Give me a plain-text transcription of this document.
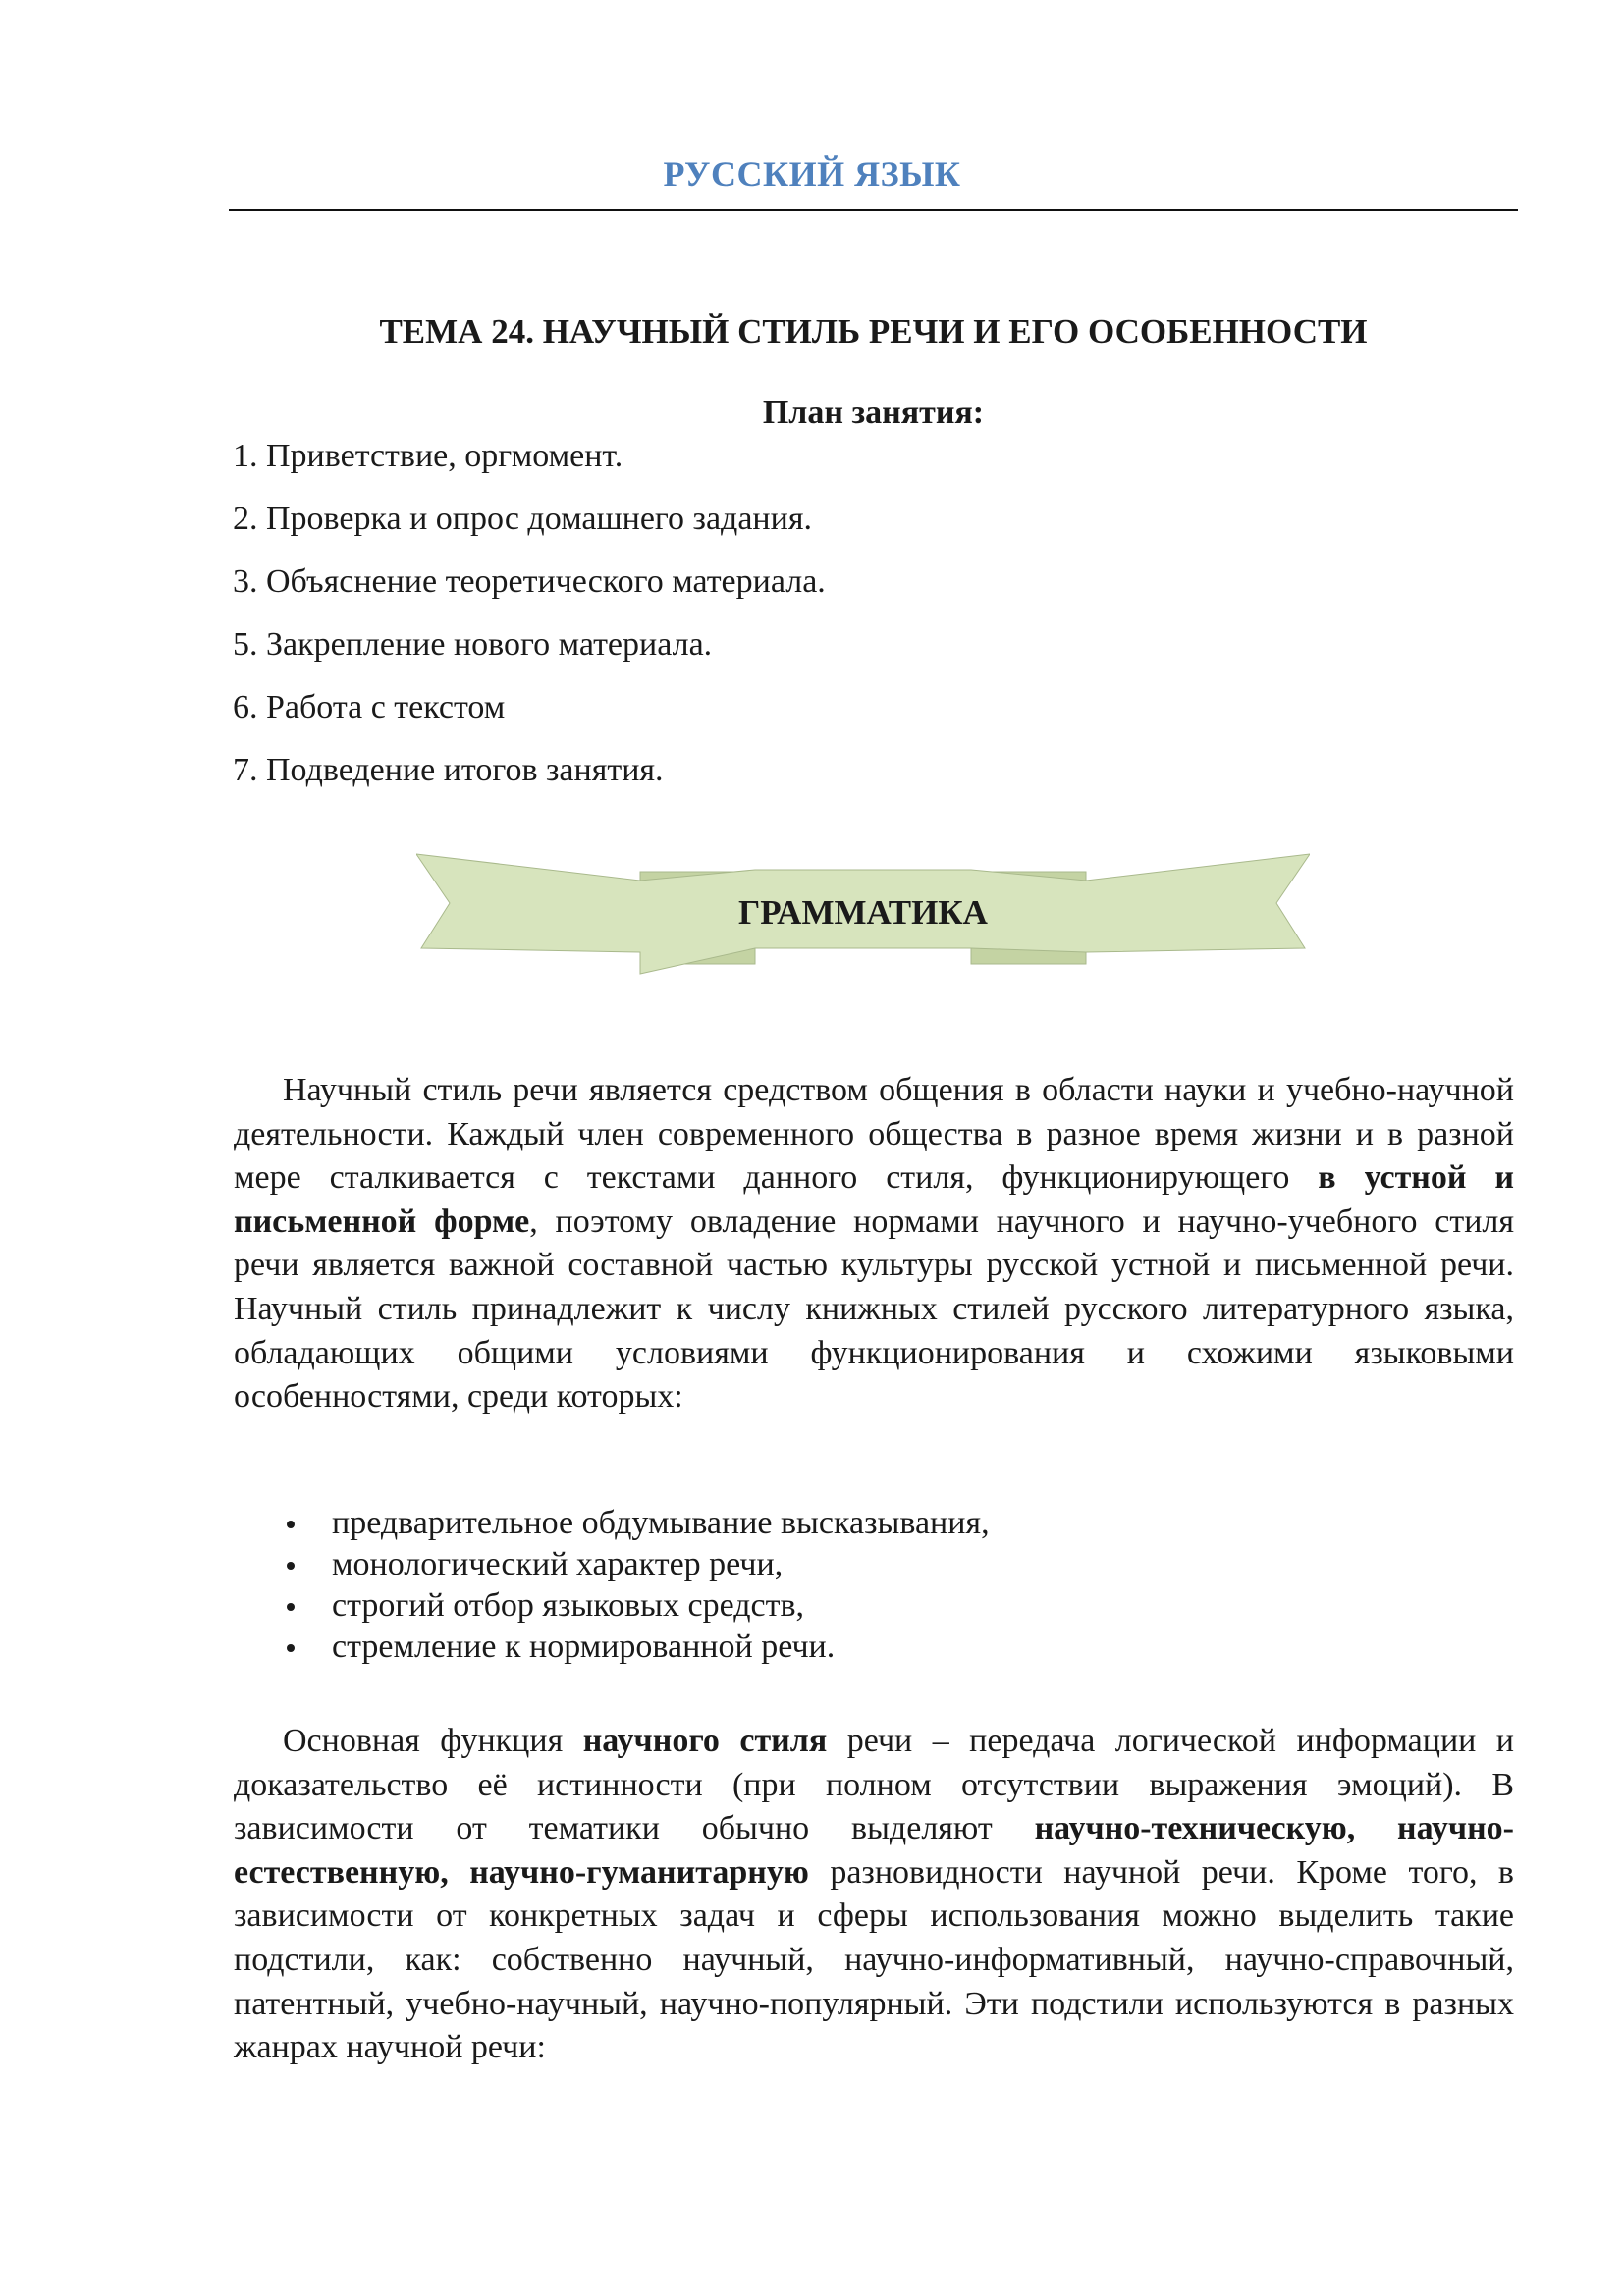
РУССКИЙ ЯЗЫК
ТЕМА 24. НАУЧНЫЙ СТИЛЬ РЕЧИ И ЕГО ОСОБЕННОСТИ
План занятия:
1. Приветствие, оргмомент.
2. Проверка и опрос домашнего задания.
3. Объяснение теоретического материала.
5. Закрепление нового материала.
6. Работа с текстом
7. Подведение итогов занятия.
ГРАММАТИКА

Научный стиль речи является средством общения в области науки и учебно-научной деятельности. Каждый член современного общества в разное время жизни и в разной мере сталкивается с текстами данного стиля, функционирующего в устной и письменной форме, поэтому овладение нормами научного и научно-учебного стиля речи является важной составной частью культуры русской устной и письменной речи. Научный стиль принадлежит к числу книжных стилей русского литературного языка, обладающих общими условиями функционирования и схожими языковыми особенностями, среди которых:

предварительное обдумывание высказывания,
монологический характер речи,
строгий отбор языковых средств,
стремление к нормированной речи.

Основная функция научного стиля речи – передача логической информации и доказательство её истинности (при полном отсутствии выражения эмоций). В зависимости от тематики обычно выделяют научно-техническую, научно-естественную, научно-гуманитарную разновидности научной речи. Кроме того, в зависимости от конкретных задач и сферы использования можно выделить такие подстили, как: собственно научный, научно-информативный, научно-справочный, патентный, учебно-научный, научно-популярный. Эти подстили используются в разных жанрах научной речи:
